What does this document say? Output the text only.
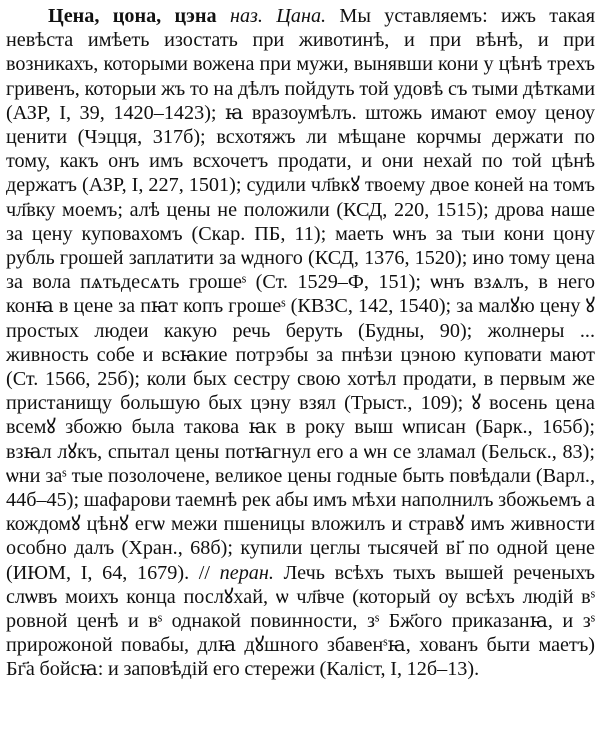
Цена, цона, цэна наз. Цана. Мы уставляемъ: ижъ такая невѣста имѣеть изостать при животинѣ, и при вѣнѣ, и при возникахъ, которыми вожена при мужи, вынявши кони у цѣнѣ трехъ гривенъ, которыи жъ то на дѣлъ пойдуть той удовѣ съ тыми дѣтками (АЗР, І, 39, 1420–1423); ꙗ вразоумѣлъ. штожь имают емоу ценоу ценити (Чэцця, 317б); всхотяжъ ли мѣщане корчмы держати по тому, какъ онъ имъ всхочетъ продати, и они нехай по той цѣнѣ держатъ (АЗР, І, 227, 1501); судили чл҃вкꙋ твоему двое коней на томъ чл҃вку моемъ; алѣ цены не положили (КСД, 220, 1515); дрова наше за цену куповахомъ (Скар. ПБ, 11); маеть ѡнъ за тыи кони цону рубль грошей заплатити за ѡдного (КСД, 1376, 1520); ино тому цена за вола пѧтьдесѧть грошеˢ (Ст. 1529–Ф, 151); ѡнъ взѧлъ, в него конꙗ в цене за пꙗт копъ грошеˢ (КВЗС, 142, 1540); за малꙋю цену ꙋ простых людеи какую речь беруть (Будны, 90); жолнеры ... живность собе и всꙗкие потрэбы за пнѣзи цэною куповати мают (Ст. 1566, 25б); коли бых сестру свою хотѣл продати, в первым же пристанищу большую бых цэну взял (Трыст., 109); ꙋ восень цена всемꙋ збожю была такова ꙗк в року выш ѡписан (Барк., 165б); взꙗл лꙋкъ, спытал цены потꙗгнул его а ѡн се зламал (Бельск., 83); ѡни заˢ тые позолочене, великое цены годные быть повѣдали (Варл., 44б–45); шафарови таемнѣ рек абы имъ мѣхи наполнилъ збожьемъ а кождомꙋ цѣнꙋ егѡ межи пшеницы вложилъ и стравꙋ имъ живности особно далъ (Хран., 68б); купили цеглы тысячей ві҃ по одной цене (ИЮМ, І, 64, 1679). // перан. Лечь всѣхъ тыхъ вышей реченыхъ слѡвъ моихъ конца послꙋхай, ѡ чл҃вче (который оу всѣхъ людій вˢ ровной ценѣ и вˢ однакой повинности, зˢ Бж҃ого приказанꙗ, и зˢ прирожоной повабы, длꙗ дꙋшного збавенˢꙗ, хованъ быти маетъ) Бг҃а бойсꙗ: и заповѣдій его стережи (Каліст, І, 12б–13).
